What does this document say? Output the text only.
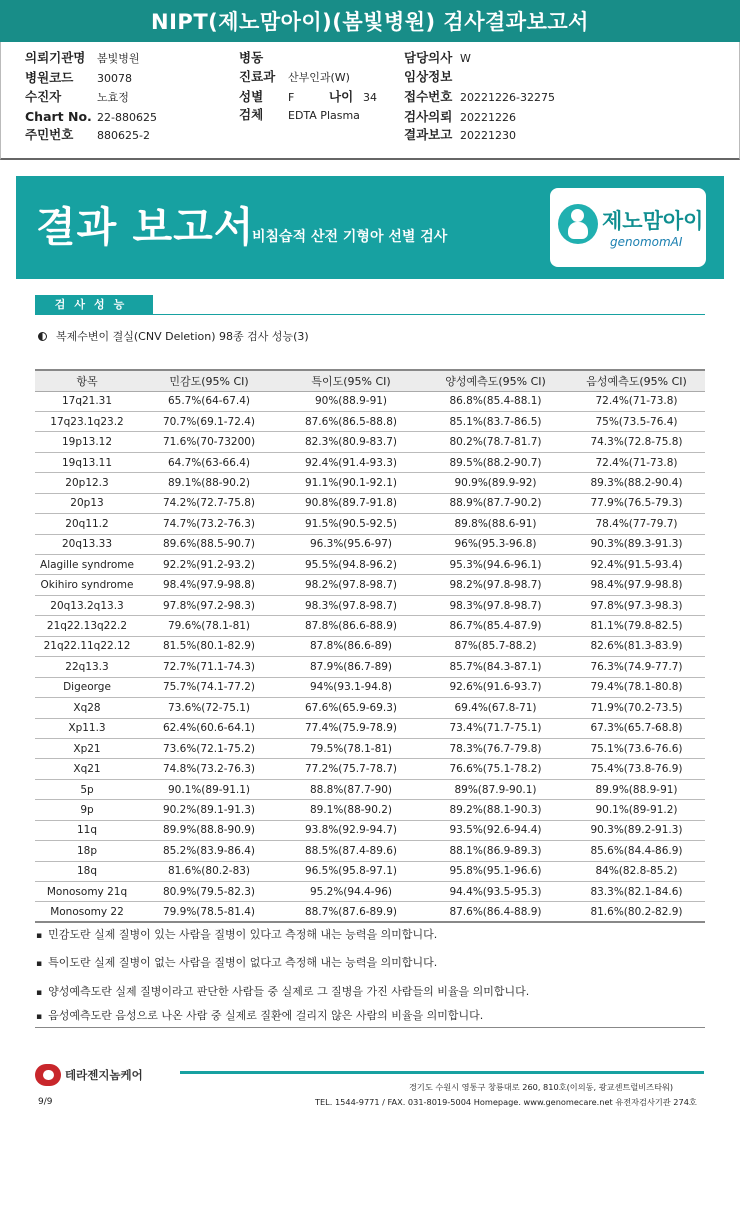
NIPT(제노맘아이)(봄빛병원) 검사결과보고서
의뢰기관명 봄빛병원
병원코드 30078
수진자	노효정
Chart No. 22-880625
주민번호 880625-2
병동
진료과 산부인과(W)
성별 F	나이 34
검체 EDTA Plasma
담당의사 W
임상정보
접수번호 20221226-32275
검사의뢰 20221226
결과보고 20221230
결과 보고서
비침습적 산전 기형아 선별 검사
제노맘아이
genomomAI
검사성능
복제수변이 결실(CNV Deletion) 98종 검사 성능(3)
항목	민감도(95% CI)	특이도(95% CI)	양성예측도(95% CI)	음성예측도(95% CI)
17q21.31	65.7%(64-67.4)	90%(88.9-91)	86.8%(85.4-88.1)	72.4%(71-73.8)
17q23.1q23.2	70.7%(69.1-72.4)	87.6%(86.5-88.8)	85.1%(83.7-86.5)	75%(73.5-76.4)
19p13.12	71.6%(70-73200)	82.3%(80.9-83.7)	80.2%(78.7-81.7)	74.3%(72.8-75.8)
19q13.11	64.7%(63-66.4)	92.4%(91.4-93.3)	89.5%(88.2-90.7)	72.4%(71-73.8)
20p12.3	89.1%(88-90.2)	91.1%(90.1-92.1)	90.9%(89.9-92)	89.3%(88.2-90.4)
20p13	74.2%(72.7-75.8)	90.8%(89.7-91.8)	88.9%(87.7-90.2)	77.9%(76.5-79.3)
20q11.2	74.7%(73.2-76.3)	91.5%(90.5-92.5)	89.8%(88.6-91)	78.4%(77-79.7)
20q13.33	89.6%(88.5-90.7)	96.3%(95.6-97)	96%(95.3-96.8)	90.3%(89.3-91.3)
Alagille syndrome	92.2%(91.2-93.2)	95.5%(94.8-96.2)	95.3%(94.6-96.1)	92.4%(91.5-93.4)
Okihiro syndrome	98.4%(97.9-98.8)	98.2%(97.8-98.7)	98.2%(97.8-98.7)	98.4%(97.9-98.8)
20q13.2q13.3	97.8%(97.2-98.3)	98.3%(97.8-98.7)	98.3%(97.8-98.7)	97.8%(97.3-98.3)
21q22.13q22.2	79.6%(78.1-81)	87.8%(86.6-88.9)	86.7%(85.4-87.9)	81.1%(79.8-82.5)
21q22.11q22.12	81.5%(80.1-82.9)	87.8%(86.6-89)	87%(85.7-88.2)	82.6%(81.3-83.9)
22q13.3	72.7%(71.1-74.3)	87.9%(86.7-89)	85.7%(84.3-87.1)	76.3%(74.9-77.7)
Digeorge	75.7%(74.1-77.2)	94%(93.1-94.8)	92.6%(91.6-93.7)	79.4%(78.1-80.8)
Xq28	73.6%(72-75.1)	67.6%(65.9-69.3)	69.4%(67.8-71)	71.9%(70.2-73.5)
Xp11.3	62.4%(60.6-64.1)	77.4%(75.9-78.9)	73.4%(71.7-75.1)	67.3%(65.7-68.8)
Xp21	73.6%(72.1-75.2)	79.5%(78.1-81)	78.3%(76.7-79.8)	75.1%(73.6-76.6)
Xq21	74.8%(73.2-76.3)	77.2%(75.7-78.7)	76.6%(75.1-78.2)	75.4%(73.8-76.9)
5p	90.1%(89-91.1)	88.8%(87.7-90)	89%(87.9-90.1)	89.9%(88.9-91)
9p	90.2%(89.1-91.3)	89.1%(88-90.2)	89.2%(88.1-90.3)	90.1%(89-91.2)
11q	89.9%(88.8-90.9)	93.8%(92.9-94.7)	93.5%(92.6-94.4)	90.3%(89.2-91.3)
18p	85.2%(83.9-86.4)	88.5%(87.4-89.6)	88.1%(86.9-89.3)	85.6%(84.4-86.9)
18q	81.6%(80.2-83)	96.5%(95.8-97.1)	95.8%(95.1-96.6)	84%(82.8-85.2)
Monosomy 21q	80.9%(79.5-82.3)	95.2%(94.4-96)	94.4%(93.5-95.3)	83.3%(82.1-84.6)
Monosomy 22	79.9%(78.5-81.4)	88.7%(87.6-89.9)	87.6%(86.4-88.9)	81.6%(80.2-82.9)
▪ 민감도란 실제 질병이 있는 사람을 질병이 있다고 측정해 내는 능력을 의미합니다.
▪ 특이도란 실제 질병이 없는 사람을 질병이 없다고 측정해 내는 능력을 의미합니다.
▪ 양성예측도란 실제 질병이라고 판단한 사람들 중 실제로 그 질병을 가진 사람들의 비율을 의미합니다.
▪ 음성예측도란 음성으로 나온 사람 중 실제로 질환에 걸리지 않은 사람의 비율을 의미합니다.
테라젠지놈케어
경기도 수원시 영통구 창룡대로 260, 810호(이의동, 광교센트럴비즈타워)
TEL. 1544-9771 / FAX. 031-8019-5004 Homepage. www.genomecare.net 유전자검사기관 274호
9/9
